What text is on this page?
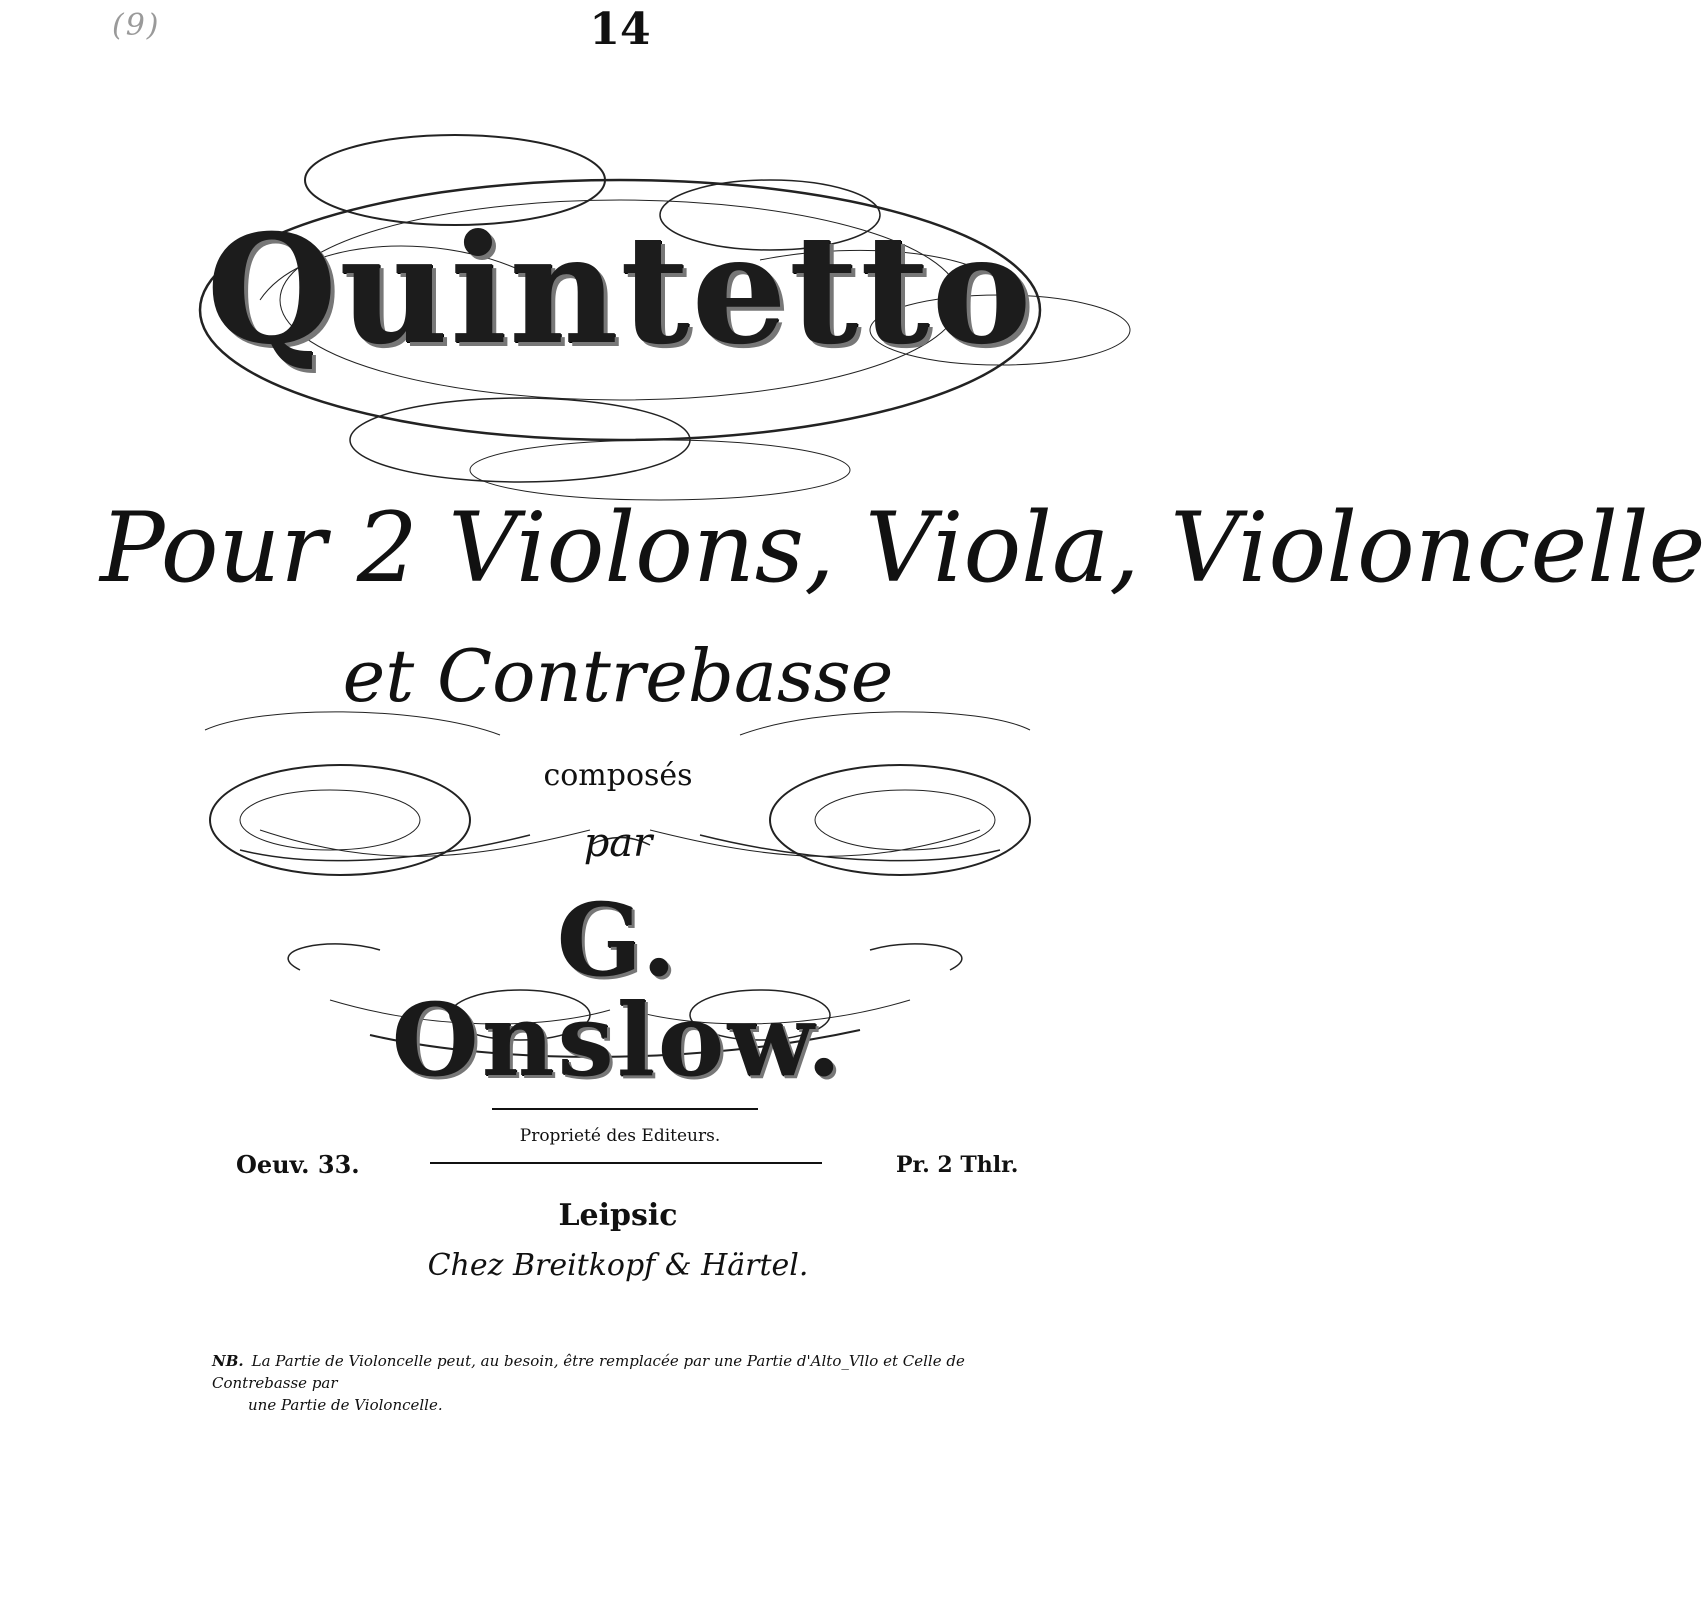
(9)	14
Quintetto
Pour 2 Violons, Viola, Violoncelle
et Contrebasse
composés
par
G. Onslow.
Proprieté des Editeurs.
Oeuv. 33.	Pr. 2 Thlr.
Leipsic
Chez Breitkopf & Härtel.
NB. La Partie de Violoncelle peut, au besoin, être remplacée par une Partie d'Alto_Vllo et Celle de Contrebasse par
une Partie de Violoncelle.
